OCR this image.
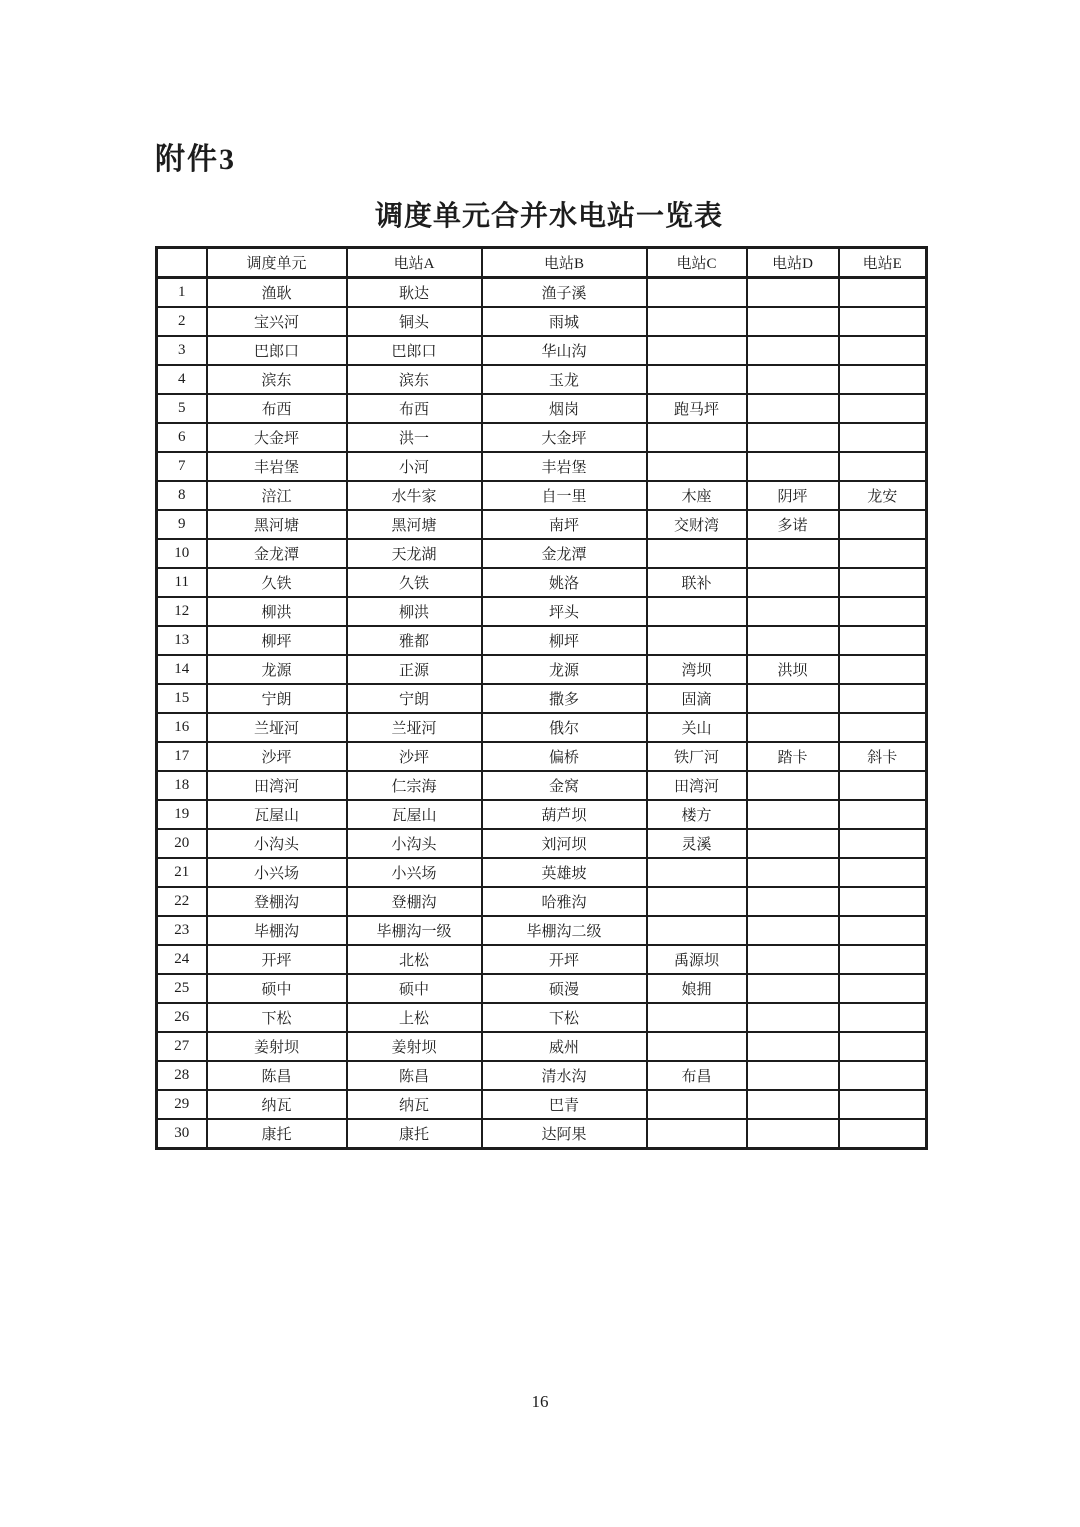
附件3
调度单元合并水电站一览表
	调度单元	电站A	电站B	电站C	电站D	电站E
1	渔耿	耿达	渔子溪			
2	宝兴河	铜头	雨城			
3	巴郎口	巴郎口	华山沟			
4	滨东	滨东	玉龙			
5	布西	布西	烟岗	跑马坪		
6	大金坪	洪一	大金坪			
7	丰岩堡	小河	丰岩堡			
8	涪江	水牛家	自一里	木座	阴坪	龙安
9	黑河塘	黑河塘	南坪	交财湾	多诺	
10	金龙潭	天龙湖	金龙潭			
11	久铁	久铁	姚洛	联补		
12	柳洪	柳洪	坪头			
13	柳坪	雅都	柳坪			
14	龙源	正源	龙源	湾坝	洪坝	
15	宁朗	宁朗	撒多	固滴		
16	兰垭河	兰垭河	俄尔	关山		
17	沙坪	沙坪	偏桥	铁厂河	踏卡	斜卡
18	田湾河	仁宗海	金窝	田湾河		
19	瓦屋山	瓦屋山	葫芦坝	楼方		
20	小沟头	小沟头	刘河坝	灵溪		
21	小兴场	小兴场	英雄坡			
22	登棚沟	登棚沟	哈雅沟			
23	毕棚沟	毕棚沟一级	毕棚沟二级			
24	开坪	北松	开坪	禹源坝		
25	硕中	硕中	硕漫	娘拥		
26	下松	上松	下松			
27	姜射坝	姜射坝	威州			
28	陈昌	陈昌	清水沟	布昌		
29	纳瓦	纳瓦	巴青			
30	康托	康托	达阿果			
16
